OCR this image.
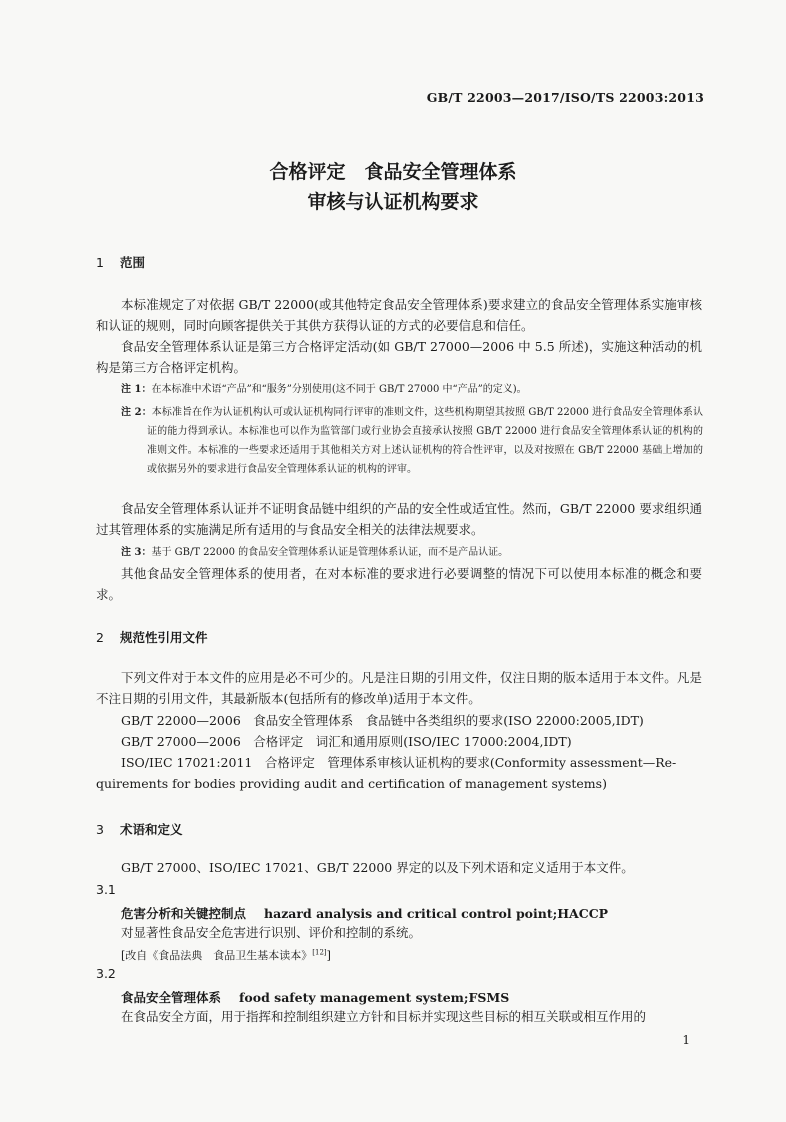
GB/T 22003—2017/ISO/TS 22003:2013
合格评定　食品安全管理体系
审核与认证机构要求
1 范围
本标准规定了对依据 GB/T 22000(或其他特定食品安全管理体系)要求建立的食品安全管理体系实施审核和认证的规则，同时向顾客提供关于其供方获得认证的方式的必要信息和信任。
食品安全管理体系认证是第三方合格评定活动(如 GB/T 27000—2006 中 5.5 所述)，实施这种活动的机构是第三方合格评定机构。
注 1：在本标准中术语“产品”和“服务”分别使用(这不同于 GB/T 27000 中“产品”的定义)。
注 2：本标准旨在作为认证机构认可或认证机构同行评审的准则文件，这些机构期望其按照 GB/T 22000 进行食品安全管理体系认证的能力得到承认。本标准也可以作为监管部门或行业协会直接承认按照 GB/T 22000 进行食品安全管理体系认证的机构的准则文件。本标准的一些要求还适用于其他相关方对上述认证机构的符合性评审，以及对按照在 GB/T 22000 基础上增加的或依据另外的要求进行食品安全管理体系认证的机构的评审。
食品安全管理体系认证并不证明食品链中组织的产品的安全性或适宜性。然而，GB/T 22000 要求组织通过其管理体系的实施满足所有适用的与食品安全相关的法律法规要求。
注 3：基于 GB/T 22000 的食品安全管理体系认证是管理体系认证，而不是产品认证。
其他食品安全管理体系的使用者，在对本标准的要求进行必要调整的情况下可以使用本标准的概念和要求。
2 规范性引用文件
下列文件对于本文件的应用是必不可少的。凡是注日期的引用文件，仅注日期的版本适用于本文件。凡是不注日期的引用文件，其最新版本(包括所有的修改单)适用于本文件。
GB/T 22000—2006　食品安全管理体系　食品链中各类组织的要求(ISO 22000:2005,IDT)
GB/T 27000—2006　合格评定　词汇和通用原则(ISO/IEC 17000:2004,IDT)
ISO/IEC 17021:2011　合格评定　管理体系审核认证机构的要求(Conformity assessment—Re-
quirements for bodies providing audit and certification of management systems)
3 术语和定义
GB/T 27000、ISO/IEC 17021、GB/T 22000 界定的以及下列术语和定义适用于本文件。
3.1
危害分析和关键控制点 hazard analysis and critical control point;HACCP
对显著性食品安全危害进行识别、评价和控制的系统。
[改自《食品法典　食品卫生基本读本》[12]]
3.2
食品安全管理体系 food safety management system;FSMS
在食品安全方面，用于指挥和控制组织建立方针和目标并实现这些目标的相互关联或相互作用的
1
